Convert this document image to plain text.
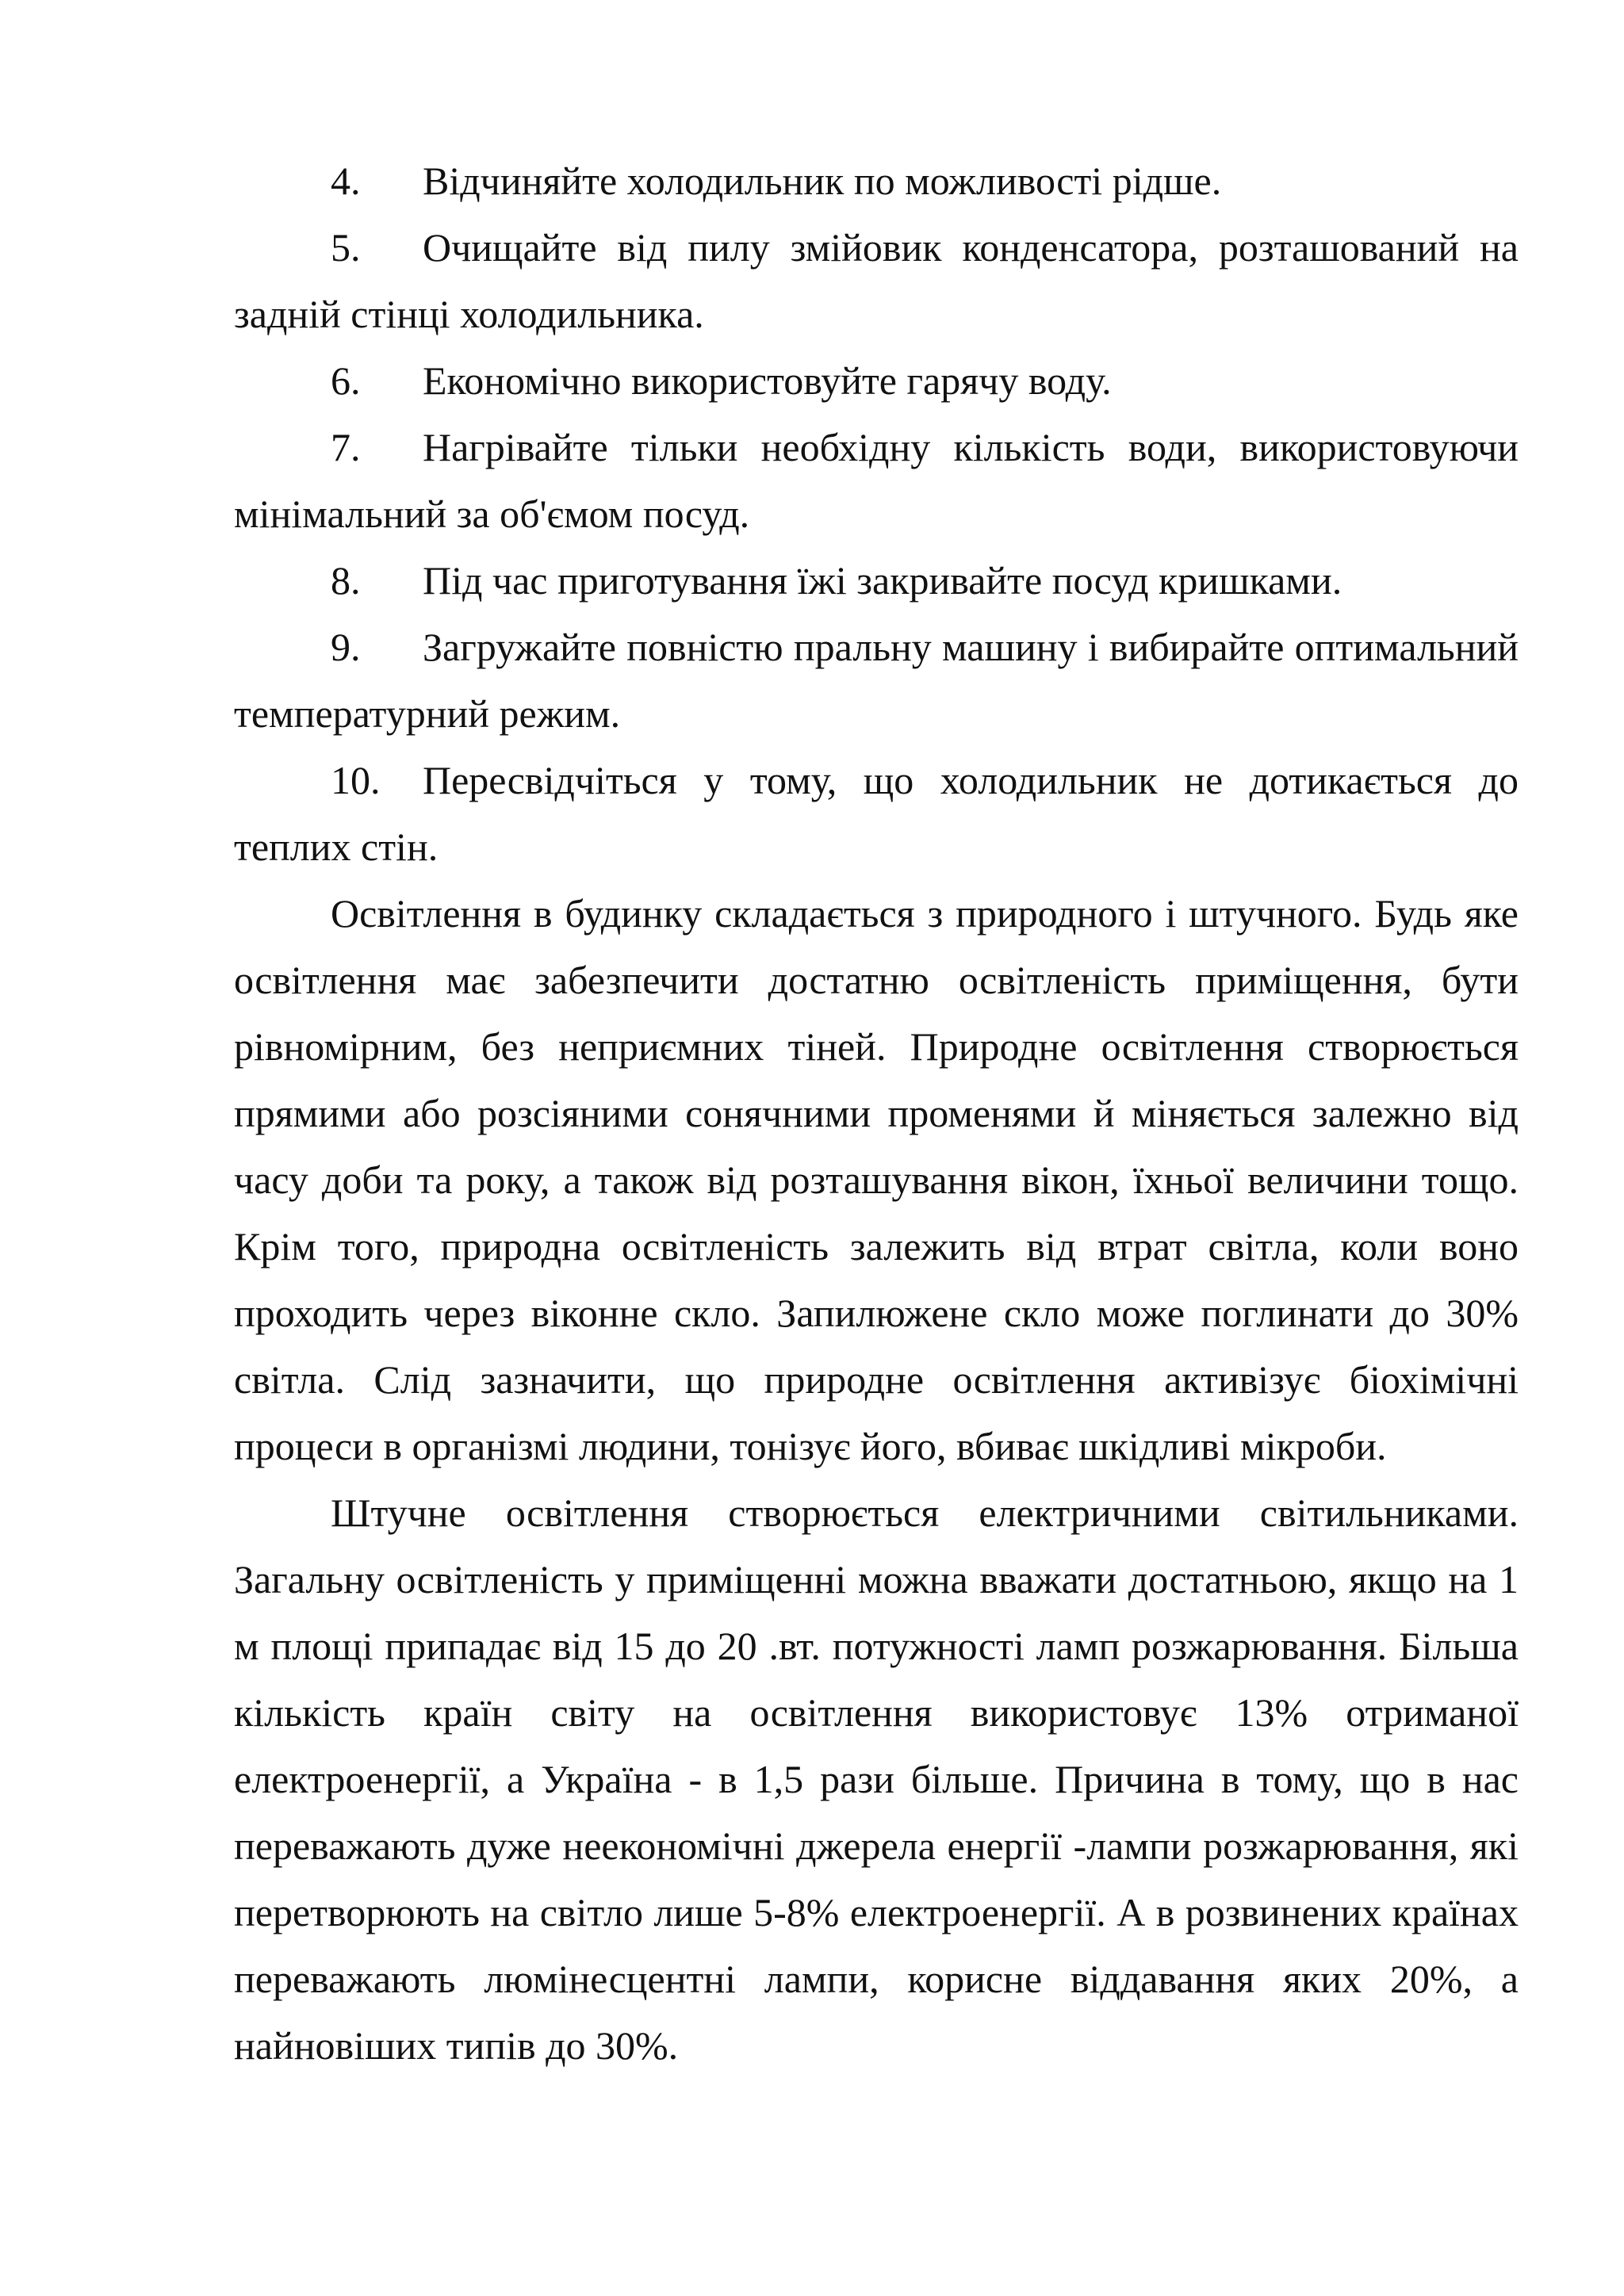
4. Відчиняйте холодильник по можливості рідше.

5. Очищайте від пилу змійовик конденсатора, розташований на задній стінці холодильника.

6. Економічно використовуйте гарячу воду.

7. Нагрівайте тільки необхідну кількість води, використовуючи мінімальний за об'ємом посуд.

8. Під час приготування їжі закривайте посуд кришками.

9. Загружайте повністю пральну машину і вибирайте оптимальний температурний режим.

10. Пересвідчіться у тому, що холодильник не дотикається до теплих стін.

Освітлення в будинку складається з природного і штучного. Будь яке освітлення має забезпечити достатню освітленість приміщення, бути рівномірним, без неприємних тіней. Природне освітлення створюється прямими або розсіяними сонячними променями й міняється залежно від часу доби та року, а також від розташування вікон, їхньої величини тощо. Крім того, природна освітленість залежить від втрат світла, коли воно проходить через віконне скло. Запилюжене скло може поглинати до 30% світла. Слід зазначити, що природне освітлення активізує біохімічні процеси в організмі людини, тонізує його, вбиває шкідливі мікроби.

Штучне освітлення створюється електричними світильниками. Загальну освітленість у приміщенні можна вважати достатньою, якщо на 1 м площі припадає від 15 до 20 .вт. потужності ламп розжарювання. Більша кількість країн світу на освітлення використовує 13% отриманої електроенергії, а Україна - в 1,5 рази більше. Причина в тому, що в нас переважають дуже неекономічні джерела енергії -лампи розжарювання, які перетворюють на світло лише 5-8% електроенергії. А в розвинених країнах переважають люмінесцентні лампи, корисне віддавання яких 20%, а найновіших типів до 30%.
